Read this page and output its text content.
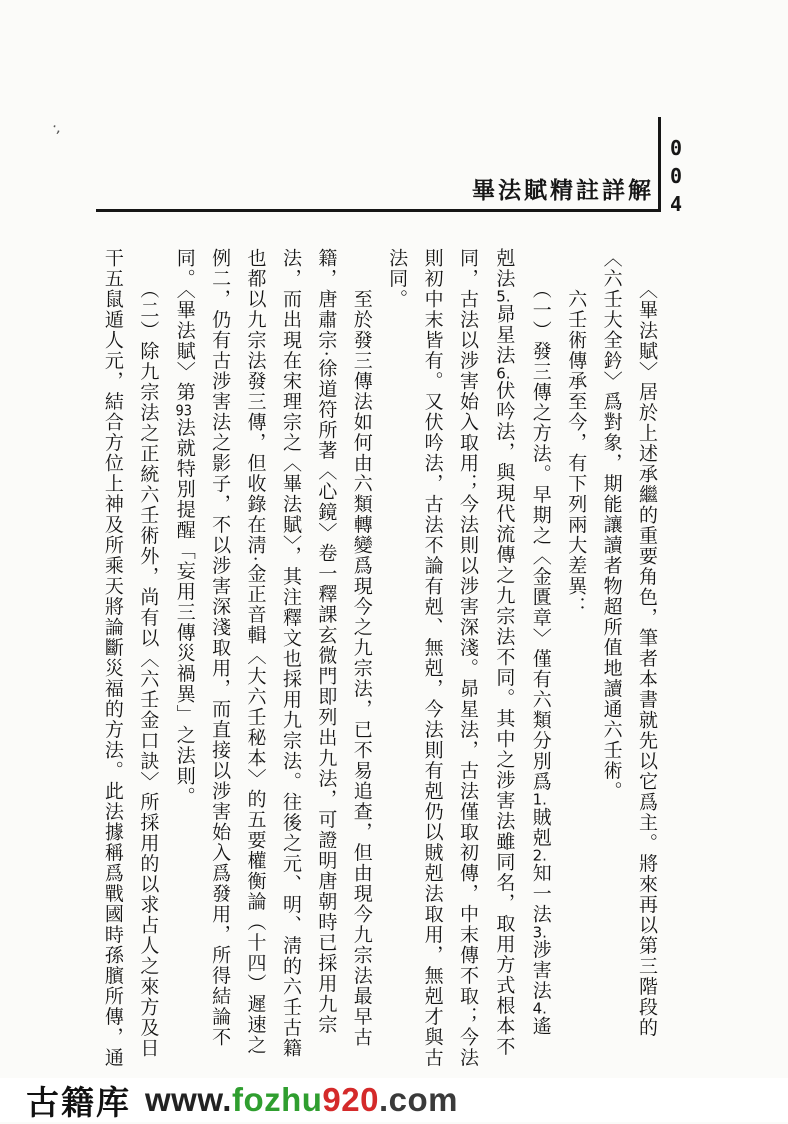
·,
畢法賦精註詳解 004
　　〈畢法賦〉居於上述承繼的重要角色，筆者本書就先以它爲主。將來再以第三階段的
〈六壬大全鈐〉爲對象，期能讓讀者物超所值地讀通六壬術。
　　六壬術傳承至今，有下列兩大差異：
　　（一）發三傳之方法。早期之〈金匱章〉僅有六類分別爲1.賊剋2.知一法3.涉害法4.遙
剋法5.昴星法6.伏吟法，與現代流傳之九宗法不同。其中之涉害法雖同名，取用方式根本不
同，古法以涉害始入取用；今法則以涉害深淺。昴星法，古法僅取初傳，中末傳不取；今法
則初中末皆有。又伏吟法，古法不論有剋、無剋，今法則有剋仍以賊剋法取用，無剋才與古
法同。
　　至於發三傳法如何由六類轉變爲現今之九宗法，已不易追查，但由現今九宗法最早古
籍，唐肅宗·徐道符所著〈心鏡〉卷一釋課玄微門即列出九法，可證明唐朝時已採用九宗
法，而出現在宋理宗之〈畢法賦〉，其注釋文也採用九宗法。往後之元、明、淸的六壬古籍
也都以九宗法發三傳，但收錄在淸·金正音輯〈大六壬秘本〉的五要權衡論（十四）遲速之
例二，仍有古涉害法之影子，不以涉害深淺取用，而直接以涉害始入爲發用，所得結論不
同。〈畢法賦〉第93法就特別提醒「妄用三傳災禍異」之法則。
　　（二）除九宗法之正統六壬術外，尚有以〈六壬金口訣〉所採用的以求占人之來方及日
干五鼠遁人元，結合方位上神及所乘天將論斷災福的方法。此法據稱爲戰國時孫臏所傳，通
古籍库 www.fozhu920.com
